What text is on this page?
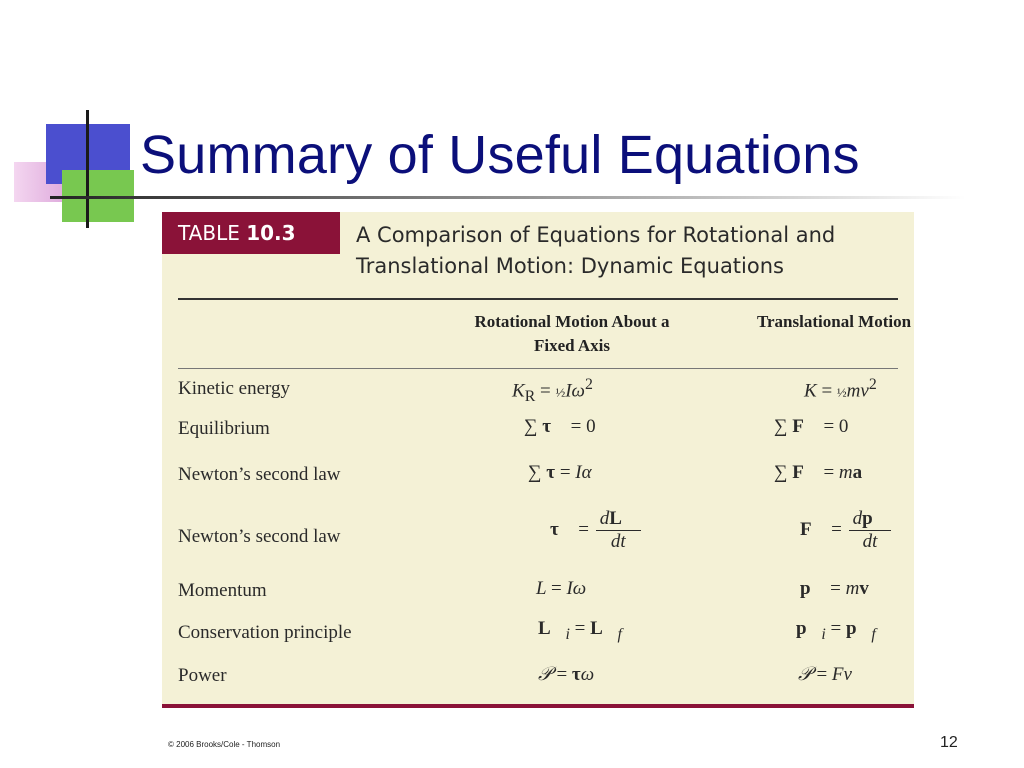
Summary of Useful Equations
TABLE 10.3	A Comparison of Equations for Rotational and Translational Motion: Dynamic Equations
Rotational Motion About a Fixed Axis
Translational Motion
Kinetic energy
Equilibrium
Newton’s second law
Newton’s second law
Momentum
Conservation principle
Power
$K_R$ = $\frac{1}{2}I\omega^2$
∑ τ⃗ = 0
∑ τ = Iα
τ⃗ = $\frac{dL⃗}{dt}$
L = Iω
$L⃗_i$ = $L⃗_f$
𝒫 = τω
$K = \frac{1}{2}mv^2$
∑ F⃗ = 0
∑ F⃗ = ma⃗
F⃗ = $\frac{dp⃗}{dt}$
p⃗ = mv⃗
$p⃗_i$ = $p⃗_f$
𝒫 = Fv
© 2006 Brooks/Cole - Thomson	12
